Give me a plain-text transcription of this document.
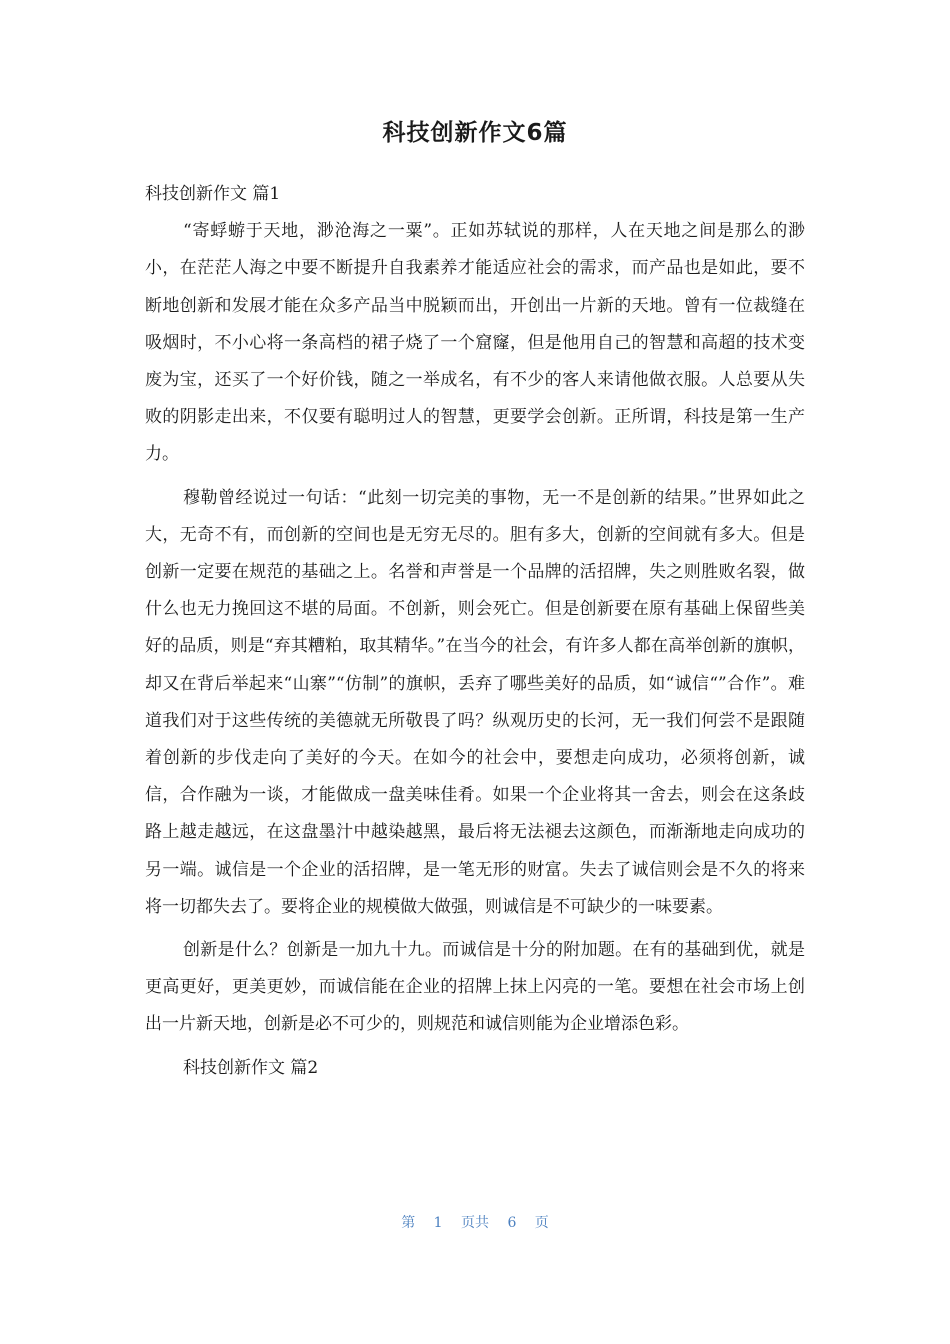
科技创新作文6篇
科技创新作文 篇1

“寄蜉蝣于天地，渺沧海之一粟”。正如苏轼说的那样，人在天地之间是那么的渺小，在茫茫人海之中要不断提升自我素养才能适应社会的需求，而产品也是如此，要不断地创新和发展才能在众多产品当中脱颖而出，开创出一片新的天地。曾有一位裁缝在吸烟时，不小心将一条高档的裙子烧了一个窟窿，但是他用自己的智慧和高超的技术变废为宝，还买了一个好价钱，随之一举成名，有不少的客人来请他做衣服。人总要从失败的阴影走出来，不仅要有聪明过人的智慧，更要学会创新。正所谓，科技是第一生产力。

穆勒曾经说过一句话：“此刻一切完美的事物，无一不是创新的结果。”世界如此之大，无奇不有，而创新的空间也是无穷无尽的。胆有多大，创新的空间就有多大。但是创新一定要在规范的基础之上。名誉和声誉是一个品牌的活招牌，失之则胜败名裂，做什么也无力挽回这不堪的局面。不创新，则会死亡。但是创新要在原有基础上保留些美好的品质，则是“弃其糟粕，取其精华。”在当今的社会，有许多人都在高举创新的旗帜，却又在背后举起来“山寨”“仿制”的旗帜，丢弃了哪些美好的品质，如“诚信“”合作”。难道我们对于这些传统的美德就无所敬畏了吗？纵观历史的长河，无一我们何尝不是跟随着创新的步伐走向了美好的今天。在如今的社会中，要想走向成功，必须将创新，诚信，合作融为一谈，才能做成一盘美味佳肴。如果一个企业将其一舍去，则会在这条歧路上越走越远，在这盘墨汁中越染越黑，最后将无法褪去这颜色，而渐渐地走向成功的另一端。诚信是一个企业的活招牌，是一笔无形的财富。失去了诚信则会是不久的将来将一切都失去了。要将企业的规模做大做强，则诚信是不可缺少的一味要素。

创新是什么？创新是一加九十九。而诚信是十分的附加题。在有的基础到优，就是更高更好，更美更妙，而诚信能在企业的招牌上抹上闪亮的一笔。要想在社会市场上创出一片新天地，创新是必不可少的，则规范和诚信则能为企业增添色彩。

科技创新作文 篇2
第 1 页共 6 页
